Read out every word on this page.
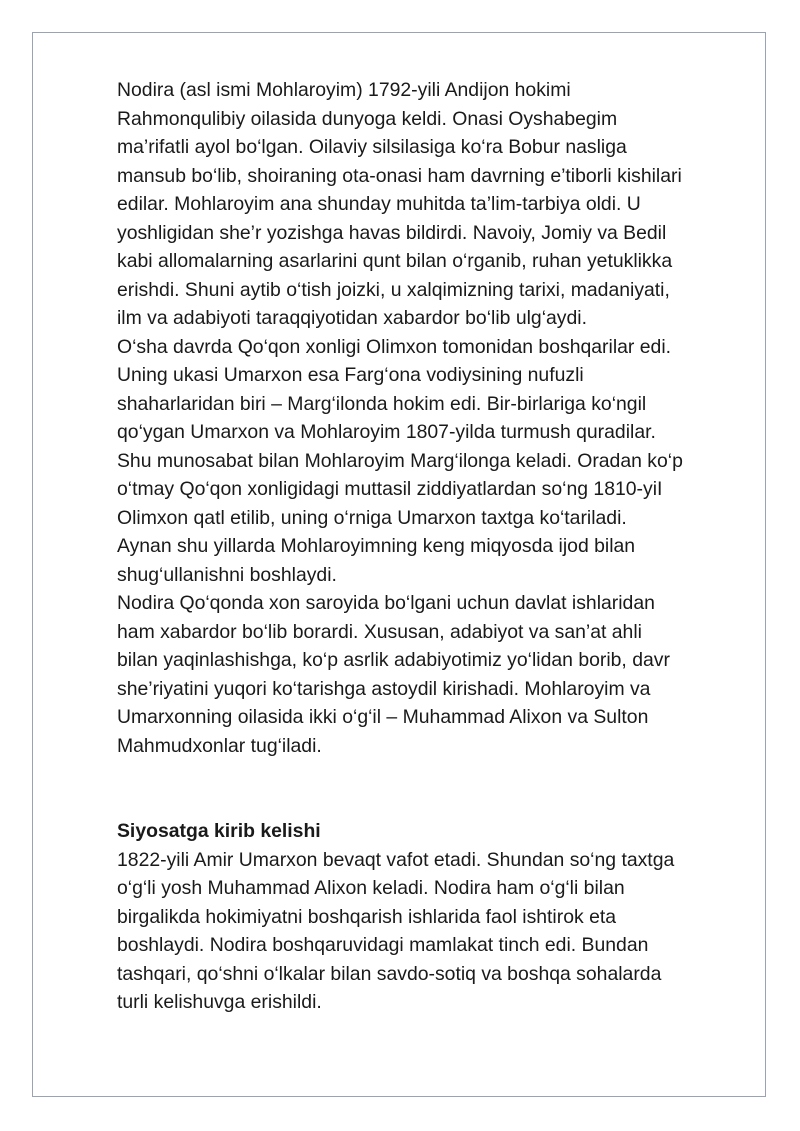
Nodira (asl ismi Mohlaroyim) 1792-yili Andijon hokimi
Rahmonqulibiy oilasida dunyoga keldi. Onasi Oyshabegim
ma’rifatli ayol bo‘lgan. Oilaviy silsilasiga ko‘ra Bobur nasliga
mansub bo‘lib, shoiraning ota-onasi ham davrning e’tiborli kishilari
edilar. Mohlaroyim ana shunday muhitda ta’lim-tarbiya oldi. U
yoshligidan she’r yozishga havas bildirdi. Navoiy, Jomiy va Bedil
kabi allomalarning asarlarini qunt bilan o‘rganib, ruhan yetuklikka
erishdi. Shuni aytib o‘tish joizki, u xalqimizning tarixi, madaniyati,
ilm va adabiyoti taraqqiyotidan xabardor bo‘lib ulg‘aydi.

O‘sha davrda Qo‘qon xonligi Olimxon tomonidan boshqarilar edi.
Uning ukasi Umarxon esa Farg‘ona vodiysining nufuzli
shaharlaridan biri – Marg‘ilonda hokim edi. Bir-birlariga ko‘ngil
qo‘ygan Umarxon va Mohlaroyim 1807-yilda turmush quradilar.
Shu munosabat bilan Mohlaroyim Marg‘ilonga keladi. Oradan ko‘p
o‘tmay Qo‘qon xonligidagi muttasil ziddiyatlardan so‘ng 1810-yiI
Olimxon qatl etilib, uning o‘rniga Umarxon taxtga ko‘tariladi.
Aynan shu yillarda Mohlaroyimning keng miqyosda ijod bilan
shug‘ullanishni boshlaydi.

Nodira Qo‘qonda xon saroyida bo‘lgani uchun davlat ishlaridan
ham xabardor bo‘lib borardi. Xususan, adabiyot va san’at ahli
bilan yaqinlashishga, ko‘p asrlik adabiyotimiz yo‘lidan borib, davr
she’riyatini yuqori ko‘tarishga astoydil kirishadi. Mohlaroyim va
Umarxonning oilasida ikki o‘g‘il – Muhammad Alixon va Sulton
Mahmudxonlar tug‘iladi.

Siyosatga kirib kelishi

1822-yili Amir Umarxon bevaqt vafot etadi. Shundan so‘ng taxtga
o‘g‘li yosh Muhammad Alixon keladi. Nodira ham o‘g‘li bilan
birgalikda hokimiyatni boshqarish ishlarida faol ishtirok eta
boshlaydi. Nodira boshqaruvidagi mamlakat tinch edi. Bundan
tashqari, qo‘shni o‘lkalar bilan savdo-sotiq va boshqa sohalarda
turli kelishuvga erishildi.
